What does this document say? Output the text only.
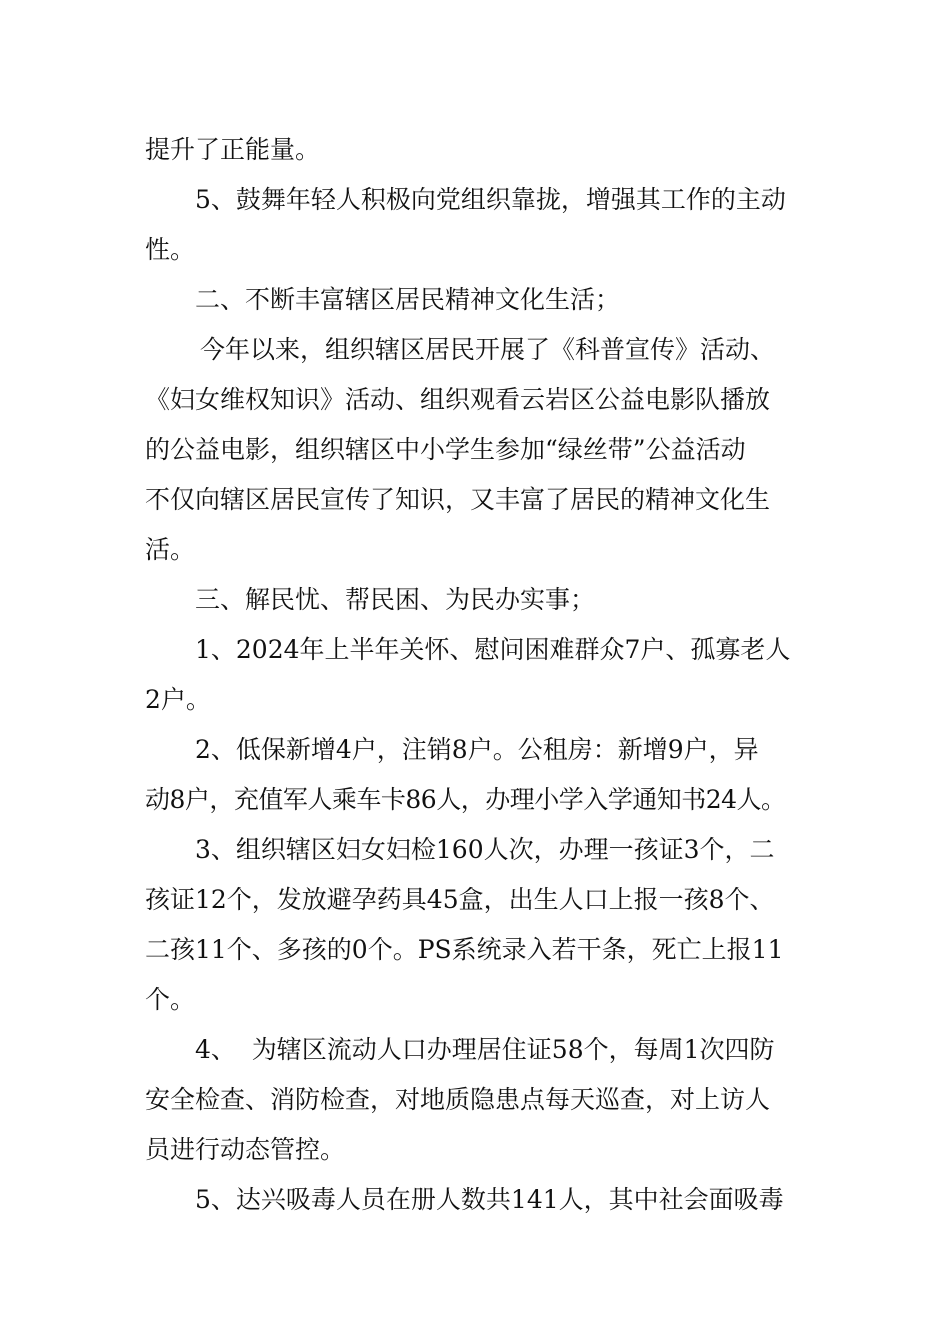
提升了正能量。
5、鼓舞年轻人积极向党组织靠拢，增强其工作的主动
性。
二、不断丰富辖区居民精神文化生活；
今年以来，组织辖区居民开展了《科普宣传》活动、
《妇女维权知识》活动、组织观看云岩区公益电影队播放
的公益电影，组织辖区中小学生参加“绿丝带”公益活动
不仅向辖区居民宣传了知识，又丰富了居民的精神文化生
活。
三、解民忧、帮民困、为民办实事；
1、2024年上半年关怀、慰问困难群众7户、孤寡老人
2户。
2、低保新增4户，注销8户。公租房：新增9户，异
动8户，充值军人乘车卡86人，办理小学入学通知书24人。
3、组织辖区妇女妇检160人次，办理一孩证3个，二
孩证12个，发放避孕药具45盒，出生人口上报一孩8个、
二孩11个、多孩的0个。PS系统录入若干条，死亡上报11
个。
4、  为辖区流动人口办理居住证58个，每周1次四防
安全检查、消防检查，对地质隐患点每天巡查，对上访人
员进行动态管控。
5、达兴吸毒人员在册人数共141人，其中社会面吸毒
